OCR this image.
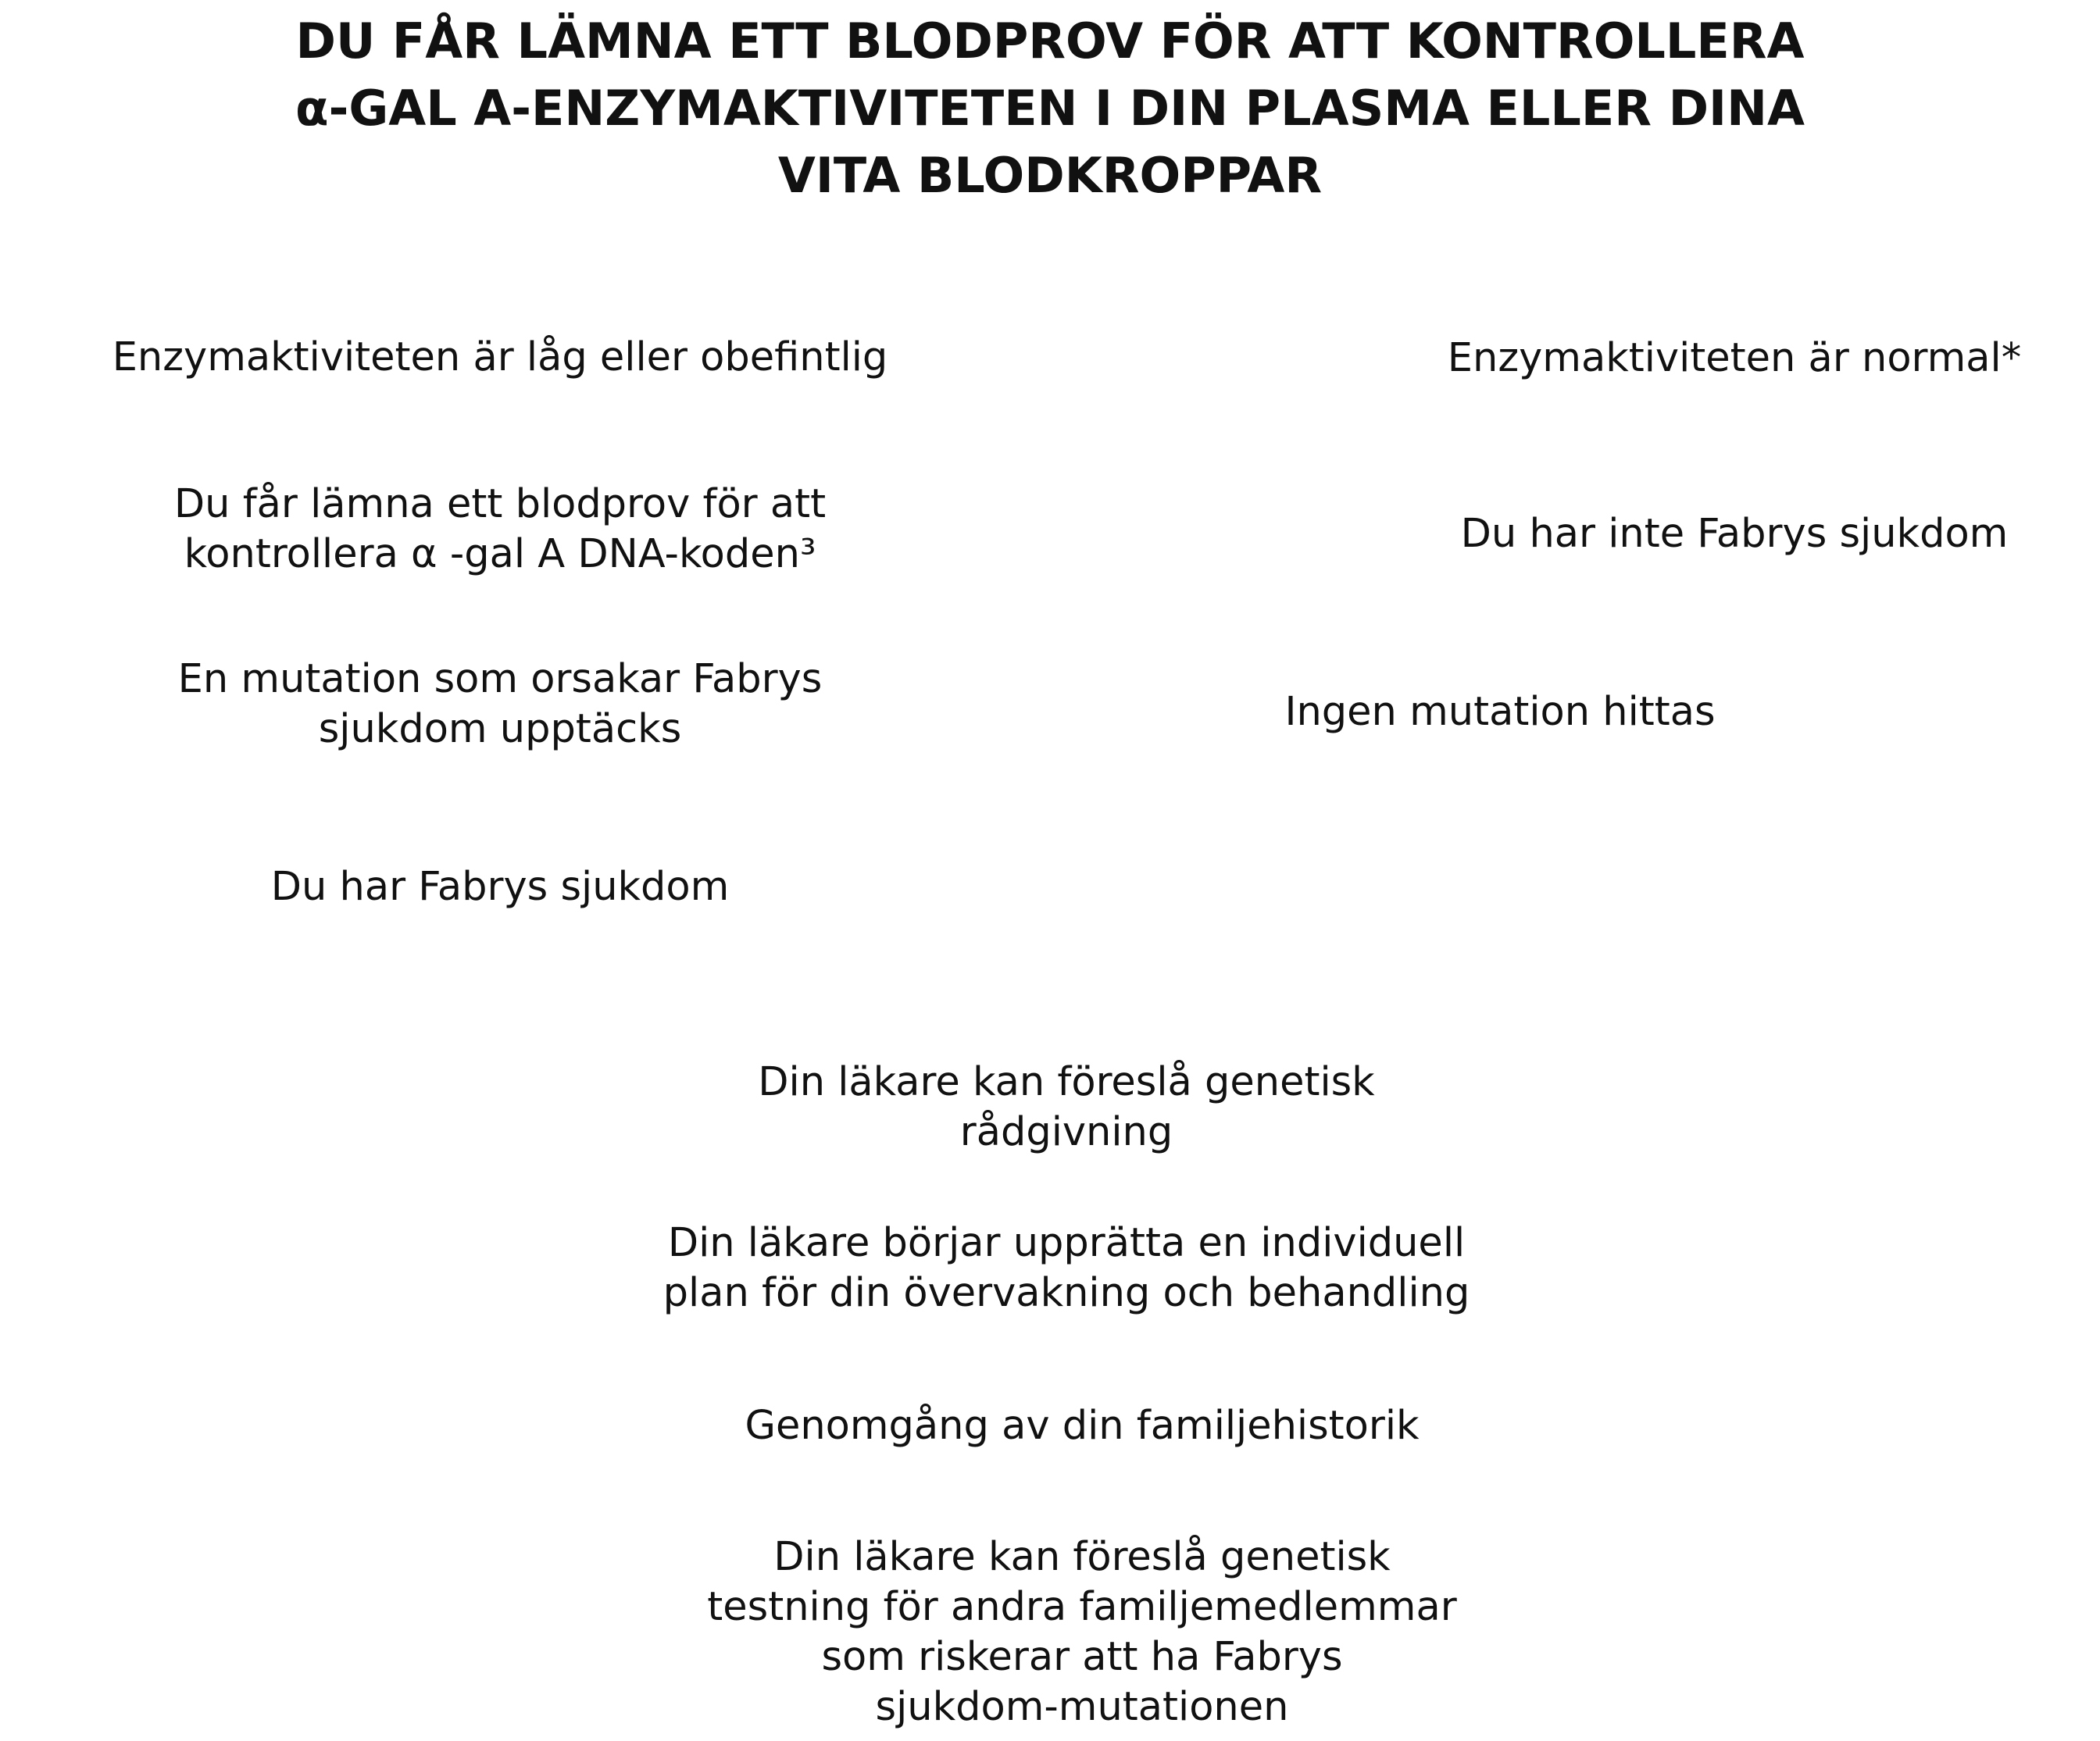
DU FÅR LÄMNA ETT BLODPROV FÖR ATT KONTROLLERA
α-GAL A-ENZYMAKTIVITETEN I DIN PLASMA ELLER DINA
VITA BLODKROPPAR
Enzymaktiviteten är låg eller obefintlig	Enzymaktiviteten är normal*
Du får lämna ett blodprov för att
kontrollera α -gal A DNA-koden³	Du har inte Fabrys sjukdom
En mutation som orsakar Fabrys
sjukdom upptäcks	Ingen mutation hittas
Du har Fabrys sjukdom
Din läkare kan föreslå genetisk
rådgivning
Din läkare börjar upprätta en individuell
plan för din övervakning och behandling
Genomgång av din familjehistorik
Din läkare kan föreslå genetisk
testning för andra familjemedlemmar
som riskerar att ha Fabrys
sjukdom-mutationen
